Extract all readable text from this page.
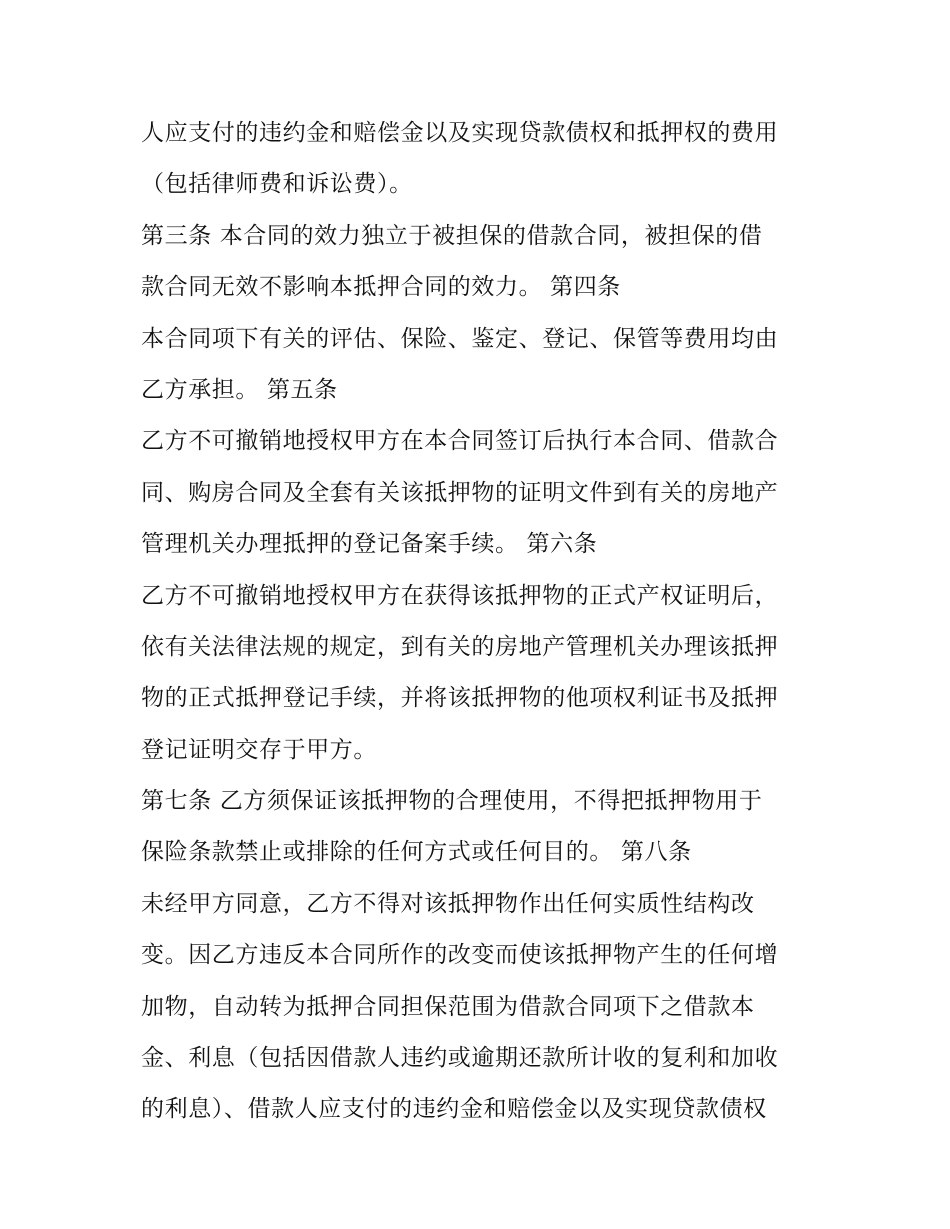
人应支付的违约金和赔偿金以及实现贷款债权和抵押权的费用
（包括律师费和诉讼费）。
第三条 本合同的效力独立于被担保的借款合同，被担保的借
款合同无效不影响本抵押合同的效力。 第四条
本合同项下有关的评估、保险、鉴定、登记、保管等费用均由
乙方承担。 第五条
乙方不可撤销地授权甲方在本合同签订后执行本合同、借款合
同、购房合同及全套有关该抵押物的证明文件到有关的房地产
管理机关办理抵押的登记备案手续。 第六条
乙方不可撤销地授权甲方在获得该抵押物的正式产权证明后，
依有关法律法规的规定，到有关的房地产管理机关办理该抵押
物的正式抵押登记手续，并将该抵押物的他项权利证书及抵押
登记证明交存于甲方。
第七条 乙方须保证该抵押物的合理使用，不得把抵押物用于
保险条款禁止或排除的任何方式或任何目的。 第八条
未经甲方同意，乙方不得对该抵押物作出任何实质性结构改
变。因乙方违反本合同所作的改变而使该抵押物产生的任何增
加物，自动转为抵押合同担保范围为借款合同项下之借款本
金、利息（包括因借款人违约或逾期还款所计收的复利和加收
的利息）、借款人应支付的违约金和赔偿金以及实现贷款债权
